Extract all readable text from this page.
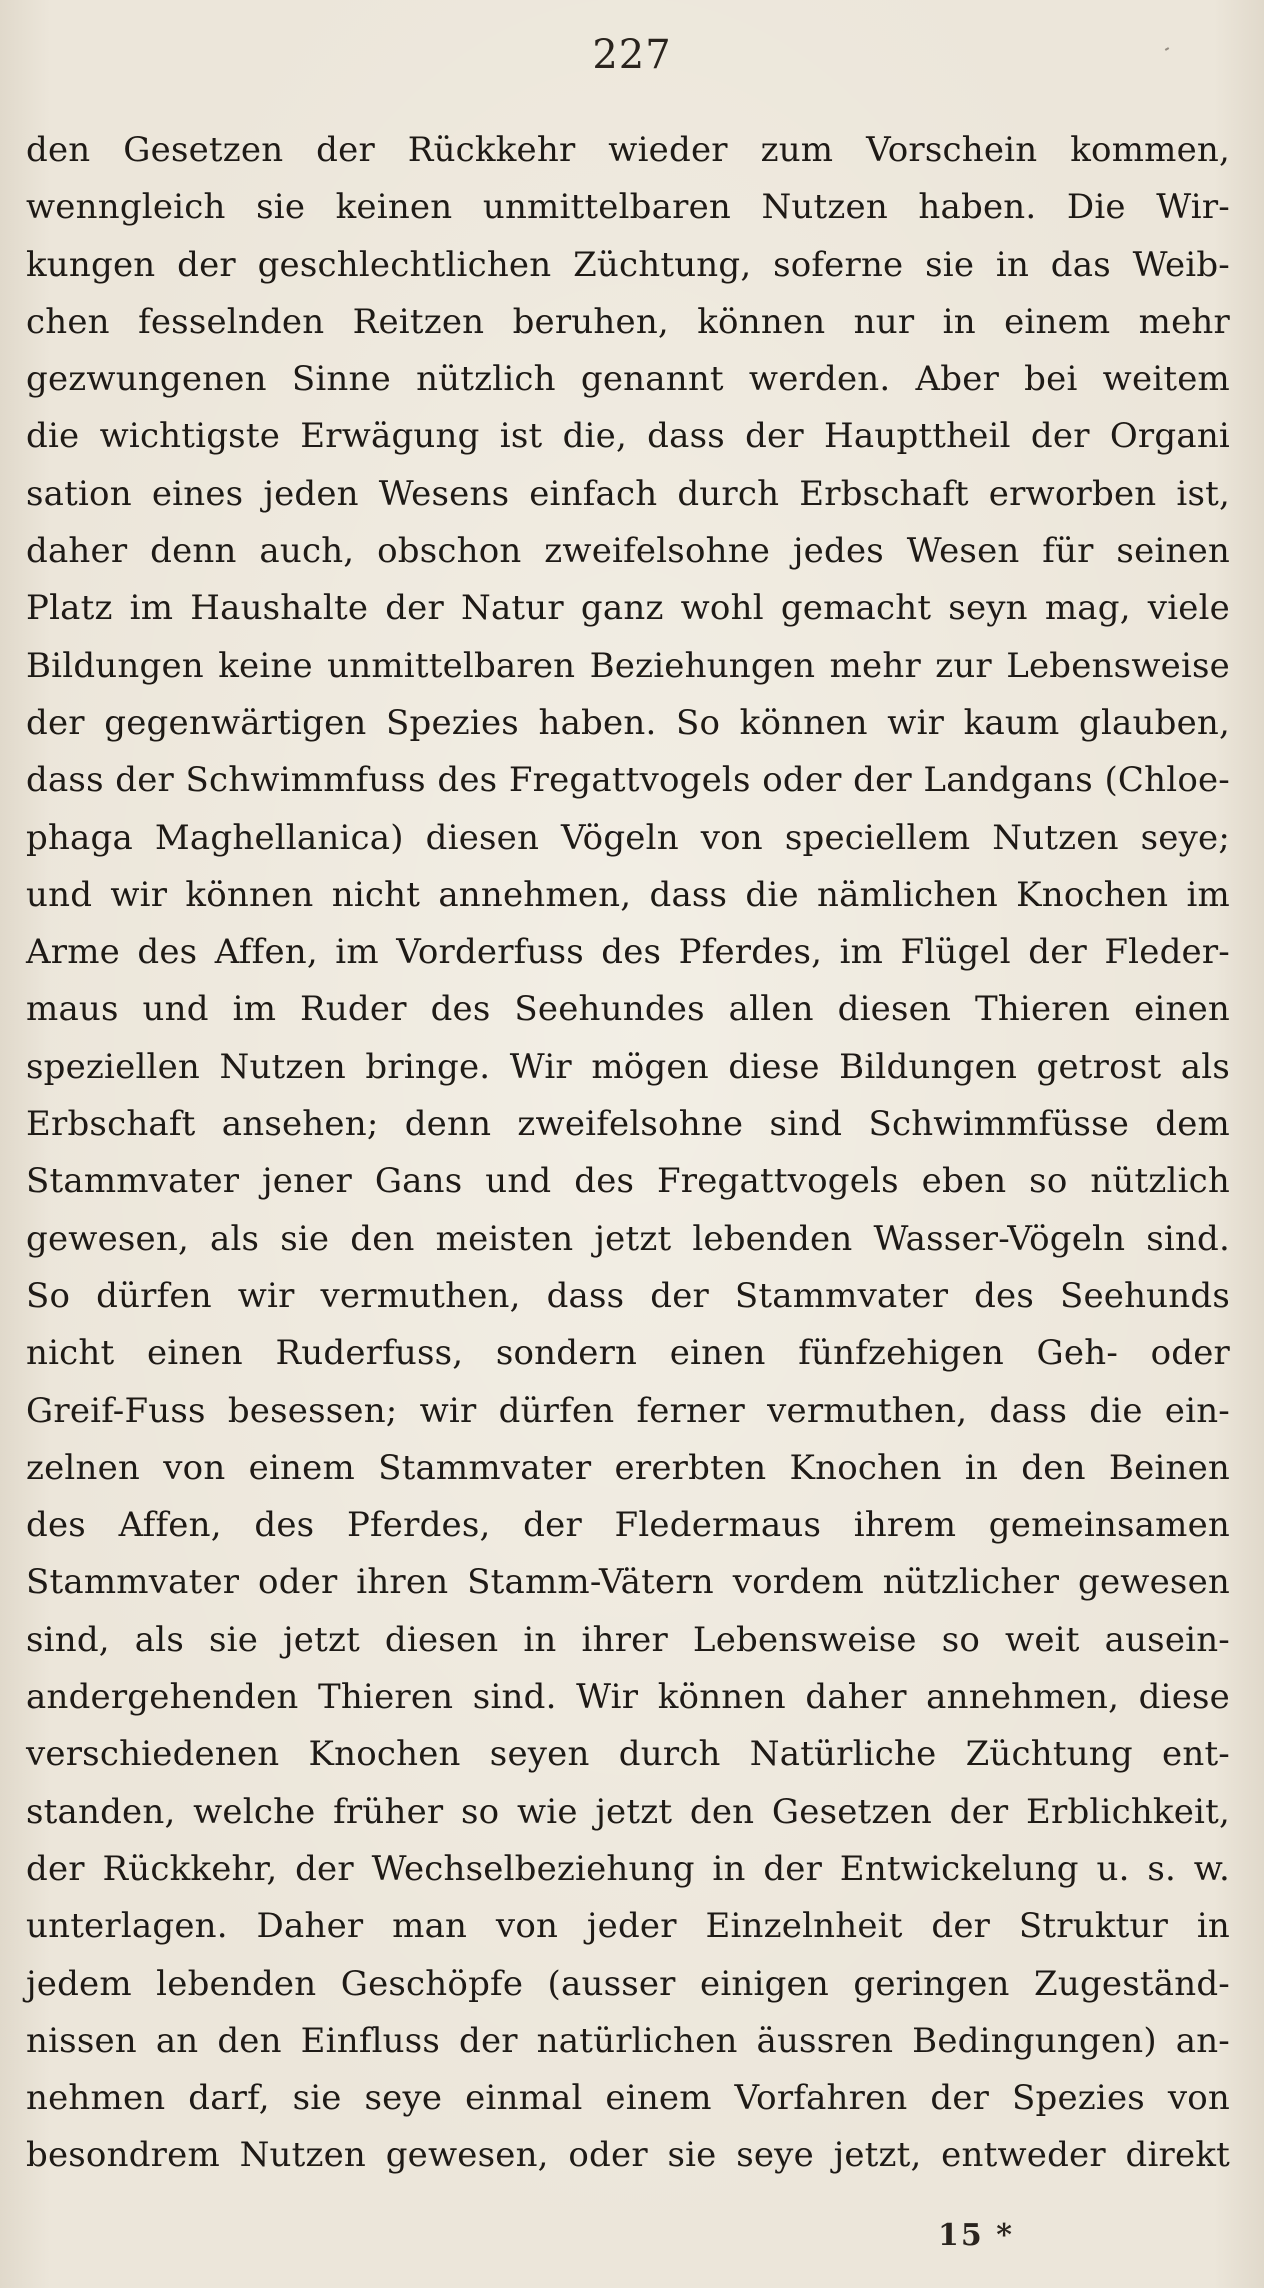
227
den Gesetzen der Rückkehr wieder zum Vorschein kommen,
wenngleich sie keinen unmittelbaren Nutzen haben. Die Wir-
kungen der geschlechtlichen Züchtung, soferne sie in das Weib-
chen fesselnden Reitzen beruhen, können nur in einem mehr
gezwungenen Sinne nützlich genannt werden. Aber bei weitem
die wichtigste Erwägung ist die, dass der Haupttheil der Organi
sation eines jeden Wesens einfach durch Erbschaft erworben ist,
daher denn auch, obschon zweifelsohne jedes Wesen für seinen
Platz im Haushalte der Natur ganz wohl gemacht seyn mag, viele
Bildungen keine unmittelbaren Beziehungen mehr zur Lebensweise
der gegenwärtigen Spezies haben. So können wir kaum glauben,
dass der Schwimmfuss des Fregattvogels oder der Landgans (Chloe-
phaga Maghellanica) diesen Vögeln von speciellem Nutzen seye;
und wir können nicht annehmen, dass die nämlichen Knochen im
Arme des Affen, im Vorderfuss des Pferdes, im Flügel der Fleder-
maus und im Ruder des Seehundes allen diesen Thieren einen
speziellen Nutzen bringe. Wir mögen diese Bildungen getrost als
Erbschaft ansehen; denn zweifelsohne sind Schwimmfüsse dem
Stammvater jener Gans und des Fregattvogels eben so nützlich
gewesen, als sie den meisten jetzt lebenden Wasser-Vögeln sind.
So dürfen wir vermuthen, dass der Stammvater des Seehunds
nicht einen Ruderfuss, sondern einen fünfzehigen Geh- oder
Greif-Fuss besessen; wir dürfen ferner vermuthen, dass die ein-
zelnen von einem Stammvater ererbten Knochen in den Beinen
des Affen, des Pferdes, der Fledermaus ihrem gemeinsamen
Stammvater oder ihren Stamm-Vätern vordem nützlicher gewesen
sind, als sie jetzt diesen in ihrer Lebensweise so weit ausein-
andergehenden Thieren sind. Wir können daher annehmen, diese
verschiedenen Knochen seyen durch Natürliche Züchtung ent-
standen, welche früher so wie jetzt den Gesetzen der Erblichkeit,
der Rückkehr, der Wechselbeziehung in der Entwickelung u. s. w.
unterlagen. Daher man von jeder Einzelnheit der Struktur in
jedem lebenden Geschöpfe (ausser einigen geringen Zugeständ-
nissen an den Einfluss der natürlichen äussren Bedingungen) an-
nehmen darf, sie seye einmal einem Vorfahren der Spezies von
besondrem Nutzen gewesen, oder sie seye jetzt, entweder direkt
15 *
